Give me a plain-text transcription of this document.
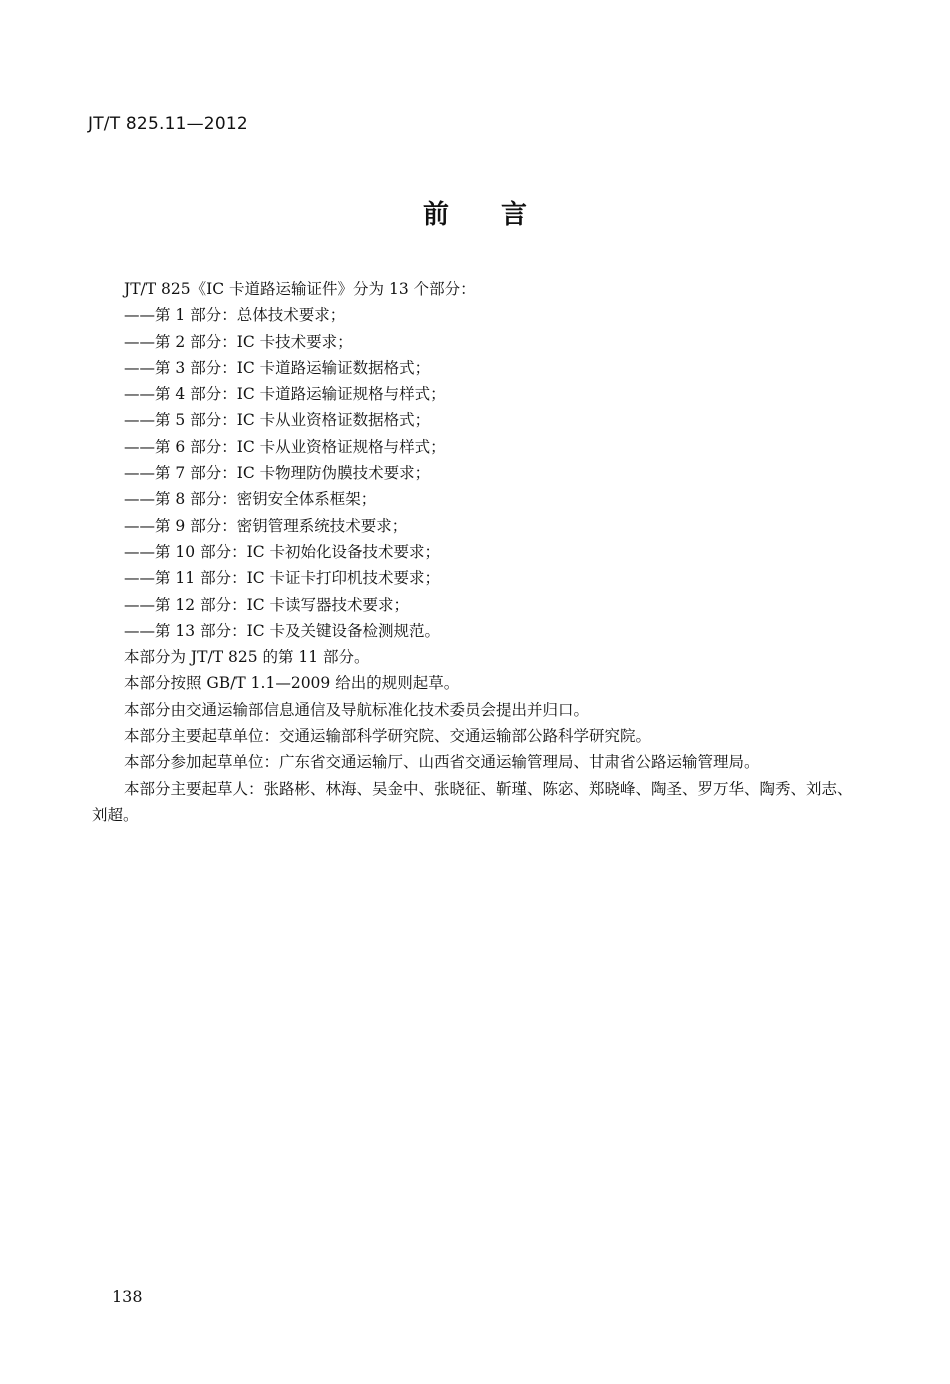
JT/T 825.11—2012
前言
JT/T 825《IC 卡道路运输证件》分为 13 个部分：
——第 1 部分：总体技术要求；
——第 2 部分：IC 卡技术要求；
——第 3 部分：IC 卡道路运输证数据格式；
——第 4 部分：IC 卡道路运输证规格与样式；
——第 5 部分：IC 卡从业资格证数据格式；
——第 6 部分：IC 卡从业资格证规格与样式；
——第 7 部分：IC 卡物理防伪膜技术要求；
——第 8 部分：密钥安全体系框架；
——第 9 部分：密钥管理系统技术要求；
——第 10 部分：IC 卡初始化设备技术要求；
——第 11 部分：IC 卡证卡打印机技术要求；
——第 12 部分：IC 卡读写器技术要求；
——第 13 部分：IC 卡及关键设备检测规范。
本部分为 JT/T 825 的第 11 部分。
本部分按照 GB/T 1.1—2009 给出的规则起草。
本部分由交通运输部信息通信及导航标准化技术委员会提出并归口。
本部分主要起草单位：交通运输部科学研究院、交通运输部公路科学研究院。
本部分参加起草单位：广东省交通运输厅、山西省交通运输管理局、甘肃省公路运输管理局。
本部分主要起草人：张路彬、林海、吴金中、张晓征、靳瑾、陈宓、郑晓峰、陶圣、罗万华、陶秀、刘志、
刘超。
138
